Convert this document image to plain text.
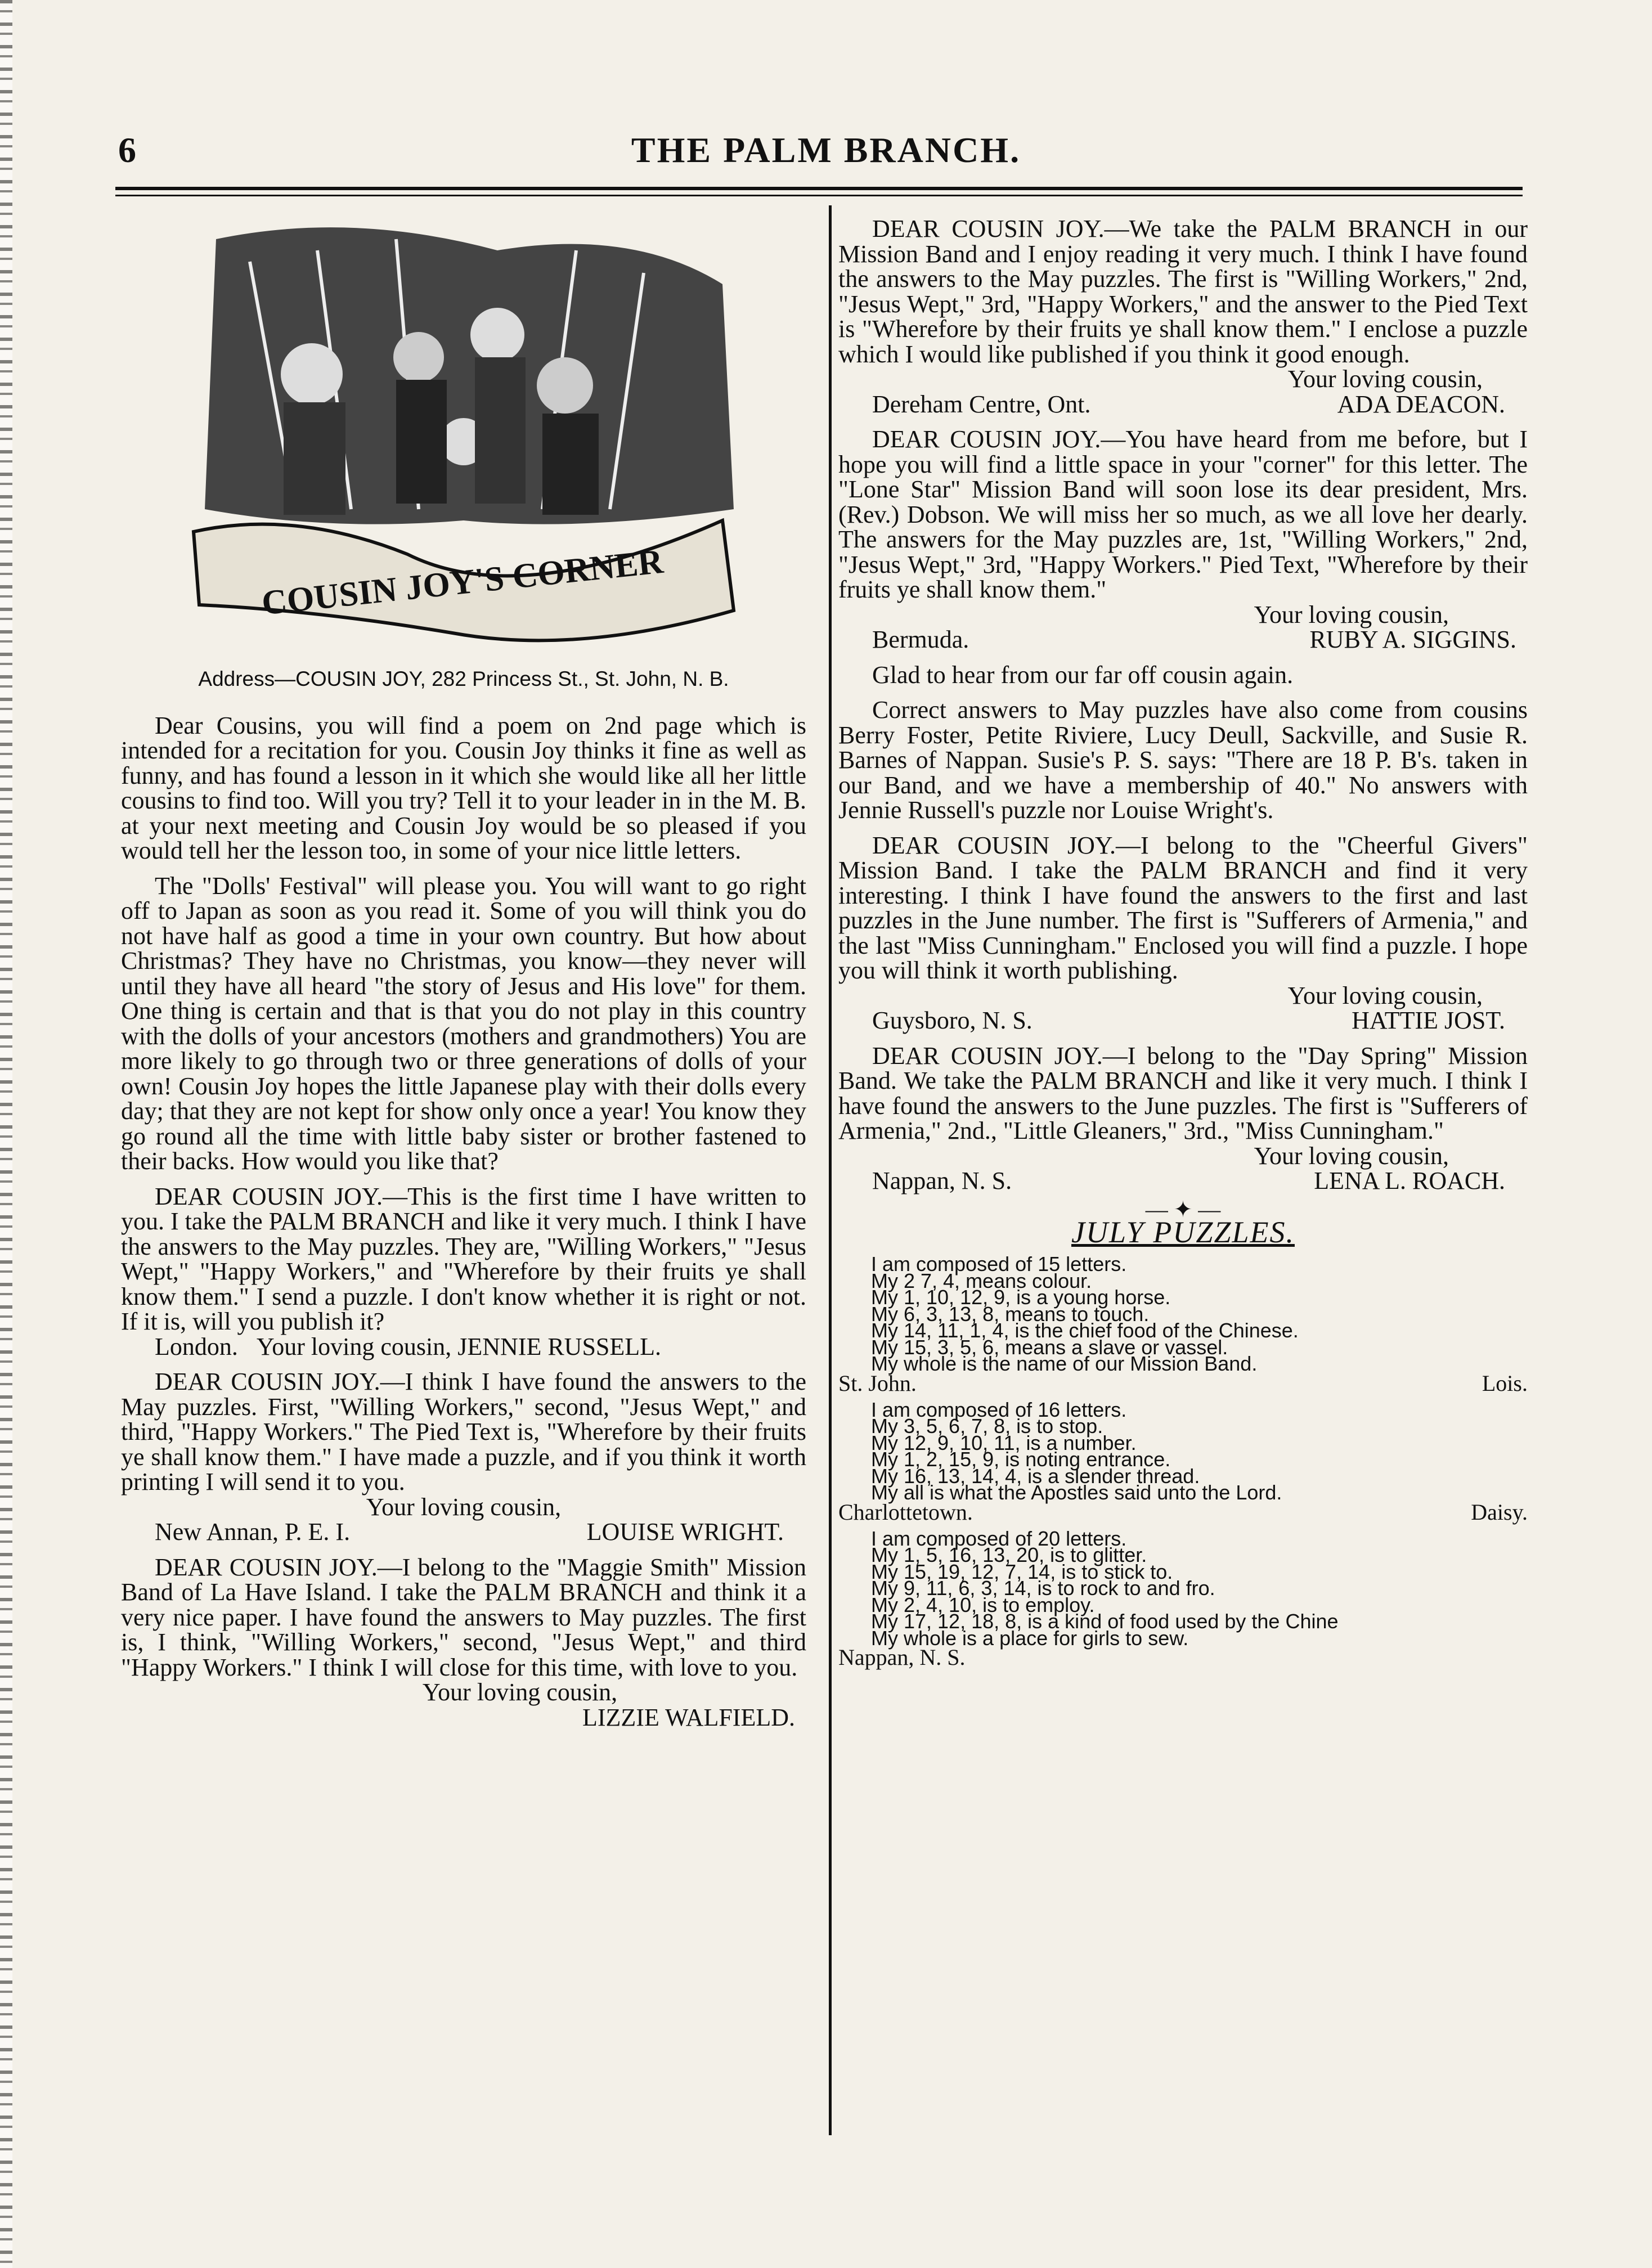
6	THE PALM BRANCH.
COUSIN JOY'S CORNER
Address—COUSIN JOY, 282 Princess St., St. John, N. B.

Dear Cousins, you will find a poem on 2nd page which is intended for a recitation for you. Cousin Joy thinks it fine as well as funny, and has found a lesson in it which she would like all her little cousins to find too. Will you try? Tell it to your leader in in the M. B. at your next meeting and Cousin Joy would be so pleased if you would tell her the lesson too, in some of your nice little letters.

The "Dolls' Festival" will please you. You will want to go right off to Japan as soon as you read it. Some of you will think you do not have half as good a time in your own country. But how about Christmas? They have no Christmas, you know—they never will until they have all heard "the story of Jesus and His love" for them. One thing is certain and that is that you do not play in this country with the dolls of your ancestors (mothers and grandmothers) You are more likely to go through two or three generations of dolls of your own! Cousin Joy hopes the little Japanese play with their dolls every day; that they are not kept for show only once a year! You know they go round all the time with little baby sister or brother fastened to their backs. How would you like that?

DEAR COUSIN JOY.—This is the first time I have written to you. I take the PALM BRANCH and like it very much. I think I have the answers to the May puzzles. They are, "Willing Workers," "Jesus Wept," "Happy Workers," and "Wherefore by their fruits ye shall know them." I send a puzzle. I don't know whether it is right or not. If it is, will you publish it?

London. Your loving cousin, JENNIE RUSSELL.

DEAR COUSIN JOY.—I think I have found the answers to the May puzzles. First, "Willing Workers," second, "Jesus Wept," and third, "Happy Workers." The Pied Text is, "Wherefore by their fruits ye shall know them." I have made a puzzle, and if you think it worth printing I will send it to you.

Your loving cousin,

New Annan, P. E. I.	LOUISE WRIGHT.

DEAR COUSIN JOY.—I belong to the "Maggie Smith" Mission Band of La Have Island. I take the PALM BRANCH and think it a very nice paper. I have found the answers to May puzzles. The first is, I think, "Willing Workers," second, "Jesus Wept," and third "Happy Workers." I think I will close for this time, with love to you.

Your loving cousin,

LIZZIE WALFIELD.

DEAR COUSIN JOY.—We take the PALM BRANCH in our Mission Band and I enjoy reading it very much. I think I have found the answers to the May puzzles. The first is "Willing Workers," 2nd, "Jesus Wept," 3rd, "Happy Workers," and the answer to the Pied Text is "Wherefore by their fruits ye shall know them." I enclose a puzzle which I would like published if you think it good enough.

Your loving cousin,

Dereham Centre, Ont.	ADA DEACON.

DEAR COUSIN JOY.—You have heard from me before, but I hope you will find a little space in your "corner" for this letter. The "Lone Star" Mission Band will soon lose its dear president, Mrs. (Rev.) Dobson. We will miss her so much, as we all love her dearly. The answers for the May puzzles are, 1st, "Willing Workers," 2nd, "Jesus Wept," 3rd, "Happy Workers." Pied Text, "Wherefore by their fruits ye shall know them."

Your loving cousin,

Bermuda.	RUBY A. SIGGINS.

Glad to hear from our far off cousin again.

Correct answers to May puzzles have also come from cousins Berry Foster, Petite Riviere, Lucy Deull, Sackville, and Susie R. Barnes of Nappan. Susie's P. S. says: "There are 18 P. B's. taken in our Band, and we have a membership of 40." No answers with Jennie Russell's puzzle nor Louise Wright's.

DEAR COUSIN JOY.—I belong to the "Cheerful Givers" Mission Band. I take the PALM BRANCH and find it very interesting. I think I have found the answers to the first and last puzzles in the June number. The first is "Sufferers of Armenia," and the last "Miss Cunningham." Enclosed you will find a puzzle. I hope you will think it worth publishing.

Your loving cousin,

Guysboro, N. S.	HATTIE JOST.

DEAR COUSIN JOY.—I belong to the "Day Spring" Mission Band. We take the PALM BRANCH and like it very much. I think I have found the answers to the June puzzles. The first is "Sufferers of Armenia," 2nd., "Little Gleaners," 3rd., "Miss Cunningham."

Your loving cousin,

Nappan, N. S.	LENA L. ROACH.
— ✦ —
JULY PUZZLES.
I am composed of 15 letters.
My 2 7, 4, means colour.
My 1, 10, 12, 9, is a young horse.
My 6, 3, 13, 8, means to touch.
My 14, 11, 1, 4, is the chief food of the Chinese.
My 15, 3, 5, 6, means a slave or vassel.
My whole is the name of our Mission Band.
St. John.	Lois.
I am composed of 16 letters.
My 3, 5, 6, 7, 8, is to stop.
My 12, 9, 10, 11, is a number.
My 1, 2, 15, 9, is noting entrance.
My 16, 13, 14, 4, is a slender thread.
My all is what the Apostles said unto the Lord.
Charlottetown.	Daisy.
I am composed of 20 letters.
My 1, 5, 16, 13, 20, is to glitter.
My 15, 19, 12, 7, 14, is to stick to.
My 9, 11, 6, 3, 14, is to rock to and fro.
My 2, 4, 10, is to employ.
My 17, 12, 18, 8, is a kind of food used by the Chine
My whole is a place for girls to sew.
Nappan, N. S.
